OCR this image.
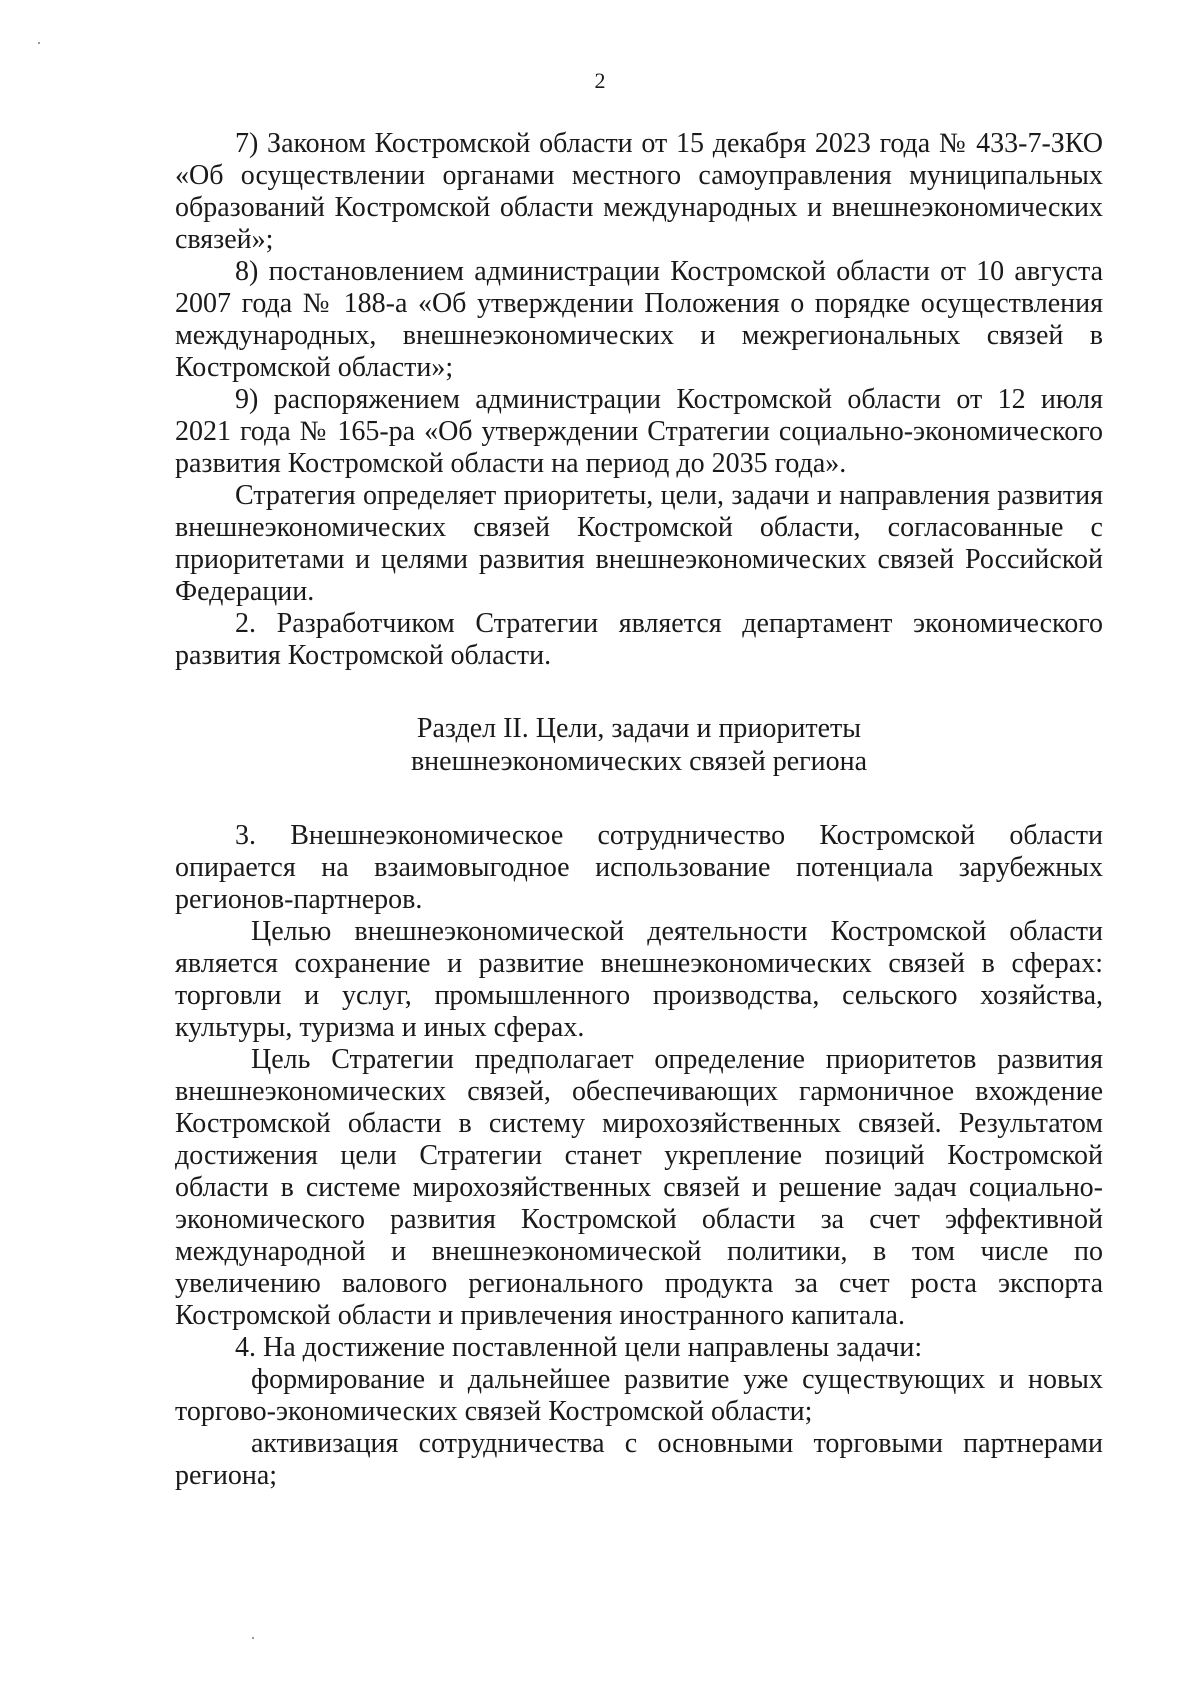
2

7) Законом Костромской области от 15 декабря 2023 года № 433-7-ЗКО «Об осуществлении органами местного самоуправления муниципальных образований Костромской области международных и внешнеэкономических связей»;

8) постановлением администрации Костромской области от 10 августа 2007 года № 188-а «Об утверждении Положения о порядке осуществления международных, внешнеэкономических и межрегиональных связей в Костромской области»;

9) распоряжением администрации Костромской области от 12 июля 2021 года № 165-ра «Об утверждении Стратегии социально-экономического развития Костромской области на период до 2035 года».

Стратегия определяет приоритеты, цели, задачи и направления развития внешнеэкономических связей Костромской области, согласованные с приоритетами и целями развития внешнеэкономических связей Российской Федерации.

2. Разработчиком Стратегии является департамент экономического развития Костромской области.

Раздел II. Цели, задачи и приоритеты
внешнеэкономических связей региона

3. Внешнеэкономическое сотрудничество Костромской области опирается на взаимовыгодное использование потенциала зарубежных регионов-партнеров.

Целью внешнеэкономической деятельности Костромской области является сохранение и развитие внешнеэкономических связей в сферах: торговли и услуг, промышленного производства, сельского хозяйства, культуры, туризма и иных сферах.

Цель Стратегии предполагает определение приоритетов развития внешнеэкономических связей, обеспечивающих гармоничное вхождение Костромской области в систему мирохозяйственных связей. Результатом достижения цели Стратегии станет укрепление позиций Костромской области в системе мирохозяйственных связей и решение задач социально-экономического развития Костромской области за счет эффективной международной и внешнеэкономической политики, в том числе по увеличению валового регионального продукта за счет роста экспорта Костромской области и привлечения иностранного капитала.

4. На достижение поставленной цели направлены задачи:

формирование и дальнейшее развитие уже существующих и новых торгово-экономических связей Костромской области;

активизация сотрудничества с основными торговыми партнерами региона;
